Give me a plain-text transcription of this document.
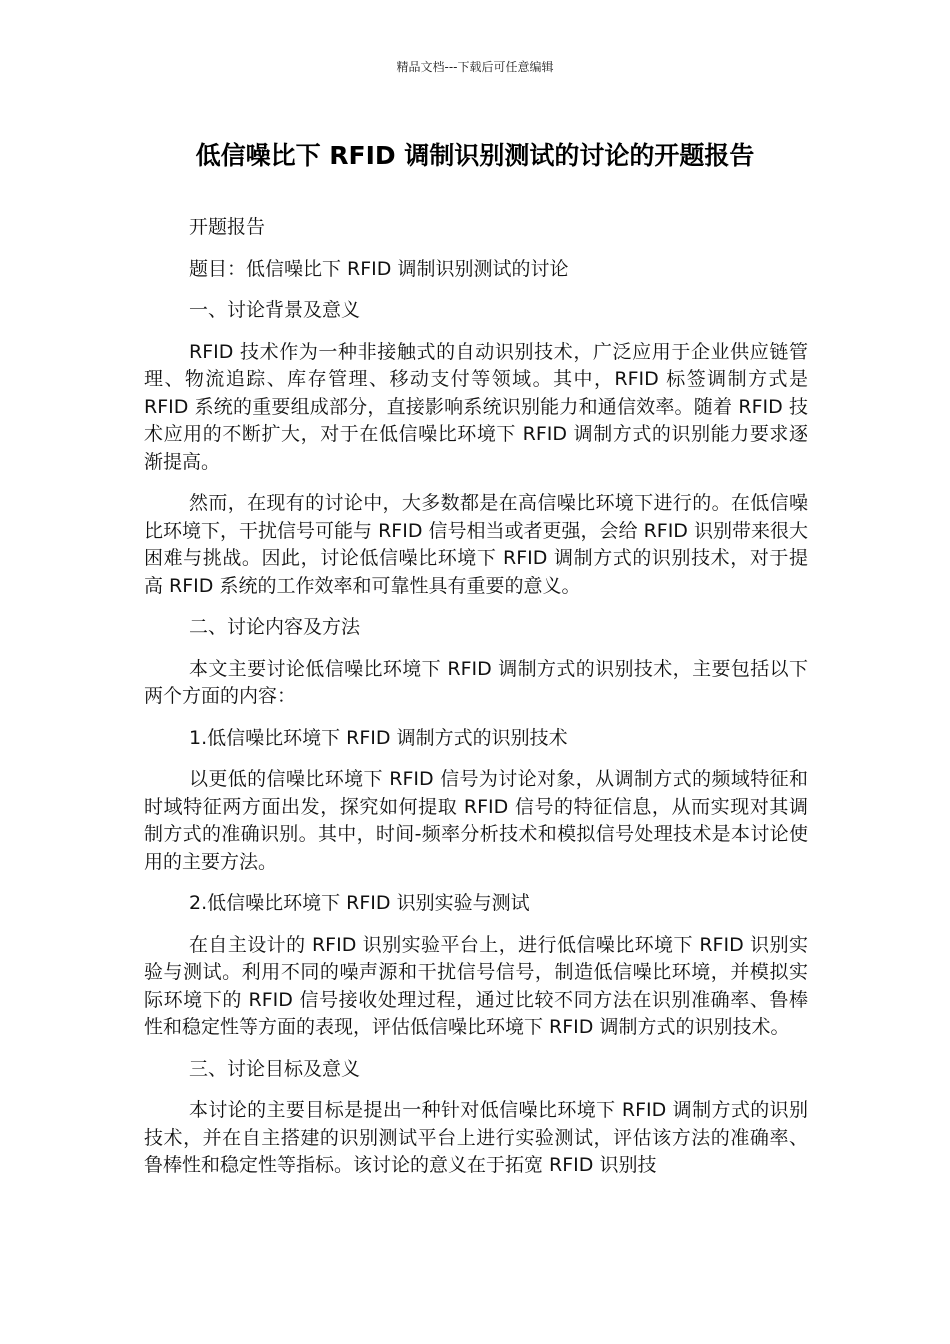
精品文档---下载后可任意编辑
低信噪比下 RFID 调制识别测试的讨论的开题报告

开题报告

题目：低信噪比下 RFID 调制识别测试的讨论

一、讨论背景及意义

RFID 技术作为一种非接触式的自动识别技术，广泛应用于企业供应链管理、物流追踪、库存管理、移动支付等领域。其中，RFID 标签调制方式是 RFID 系统的重要组成部分，直接影响系统识别能力和通信效率。随着 RFID 技术应用的不断扩大，对于在低信噪比环境下 RFID 调制方式的识别能力要求逐渐提高。

然而，在现有的讨论中，大多数都是在高信噪比环境下进行的。在低信噪比环境下，干扰信号可能与 RFID 信号相当或者更强，会给 RFID 识别带来很大困难与挑战。因此，讨论低信噪比环境下 RFID 调制方式的识别技术，对于提高 RFID 系统的工作效率和可靠性具有重要的意义。

二、讨论内容及方法

本文主要讨论低信噪比环境下 RFID 调制方式的识别技术，主要包括以下两个方面的内容：

1.低信噪比环境下 RFID 调制方式的识别技术

以更低的信噪比环境下 RFID 信号为讨论对象，从调制方式的频域特征和时域特征两方面出发，探究如何提取 RFID 信号的特征信息，从而实现对其调制方式的准确识别。其中，时间-频率分析技术和模拟信号处理技术是本讨论使用的主要方法。

2.低信噪比环境下 RFID 识别实验与测试

在自主设计的 RFID 识别实验平台上，进行低信噪比环境下 RFID 识别实验与测试。利用不同的噪声源和干扰信号信号，制造低信噪比环境，并模拟实际环境下的 RFID 信号接收处理过程，通过比较不同方法在识别准确率、鲁棒性和稳定性等方面的表现，评估低信噪比环境下 RFID 调制方式的识别技术。

三、讨论目标及意义

本讨论的主要目标是提出一种针对低信噪比环境下 RFID 调制方式的识别技术，并在自主搭建的识别测试平台上进行实验测试，评估该方法的准确率、鲁棒性和稳定性等指标。该讨论的意义在于拓宽 RFID 识别技
